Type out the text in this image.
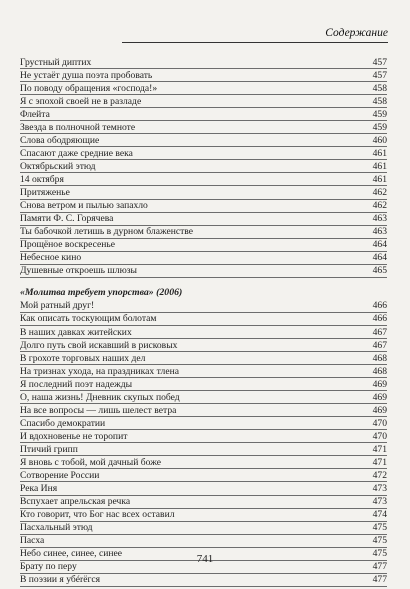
Содержание
Грустный диптих	457
Не устаёт душа поэта пробовать	457
По поводу обращения «господа!»	458
Я с эпохой своей не в разладе	458
Флейта	459
Звезда в полночной темноте	459
Слова ободряющие	460
Спасают даже средние века	461
Октябрьский этюд	461
14 октября	461
Притяженье	462
Снова ветром и пылью запахло	462
Памяти Ф. С. Горячева	463
Ты бабочкой летишь в дурном блаженстве	463
Прощёное воскресенье	464
Небесное кино	464
Душевные откроешь шлюзы	465
«Молитва требует упорства» (2006)
Мой ратный друг!	466
Как описать тоскующим болотам	466
В наших давках житейских	467
Долго путь свой искавший в рисковых	467
В грохоте торговых наших дел	468
На тризнах ухода, на праздниках тлена	468
Я последний поэт надежды	469
О, наша жизнь! Дневник скупых побед	469
На все вопросы — лишь шелест ветра	469
Спасибо демократии	470
И вдохновенье не торопит	470
Птичий грипп	471
Я вновь с тобой, мой дачный боже	471
Сотворение России	472
Река Иня	473
Вспухает апрельская речка	473
Кто говорит, что Бог нас всех оставил	474
Пасхальный этюд	475
Пасха	475
Небо синее, синее, синее	475
Брату по перу	477
В поэзии я убérёгся	477
741
